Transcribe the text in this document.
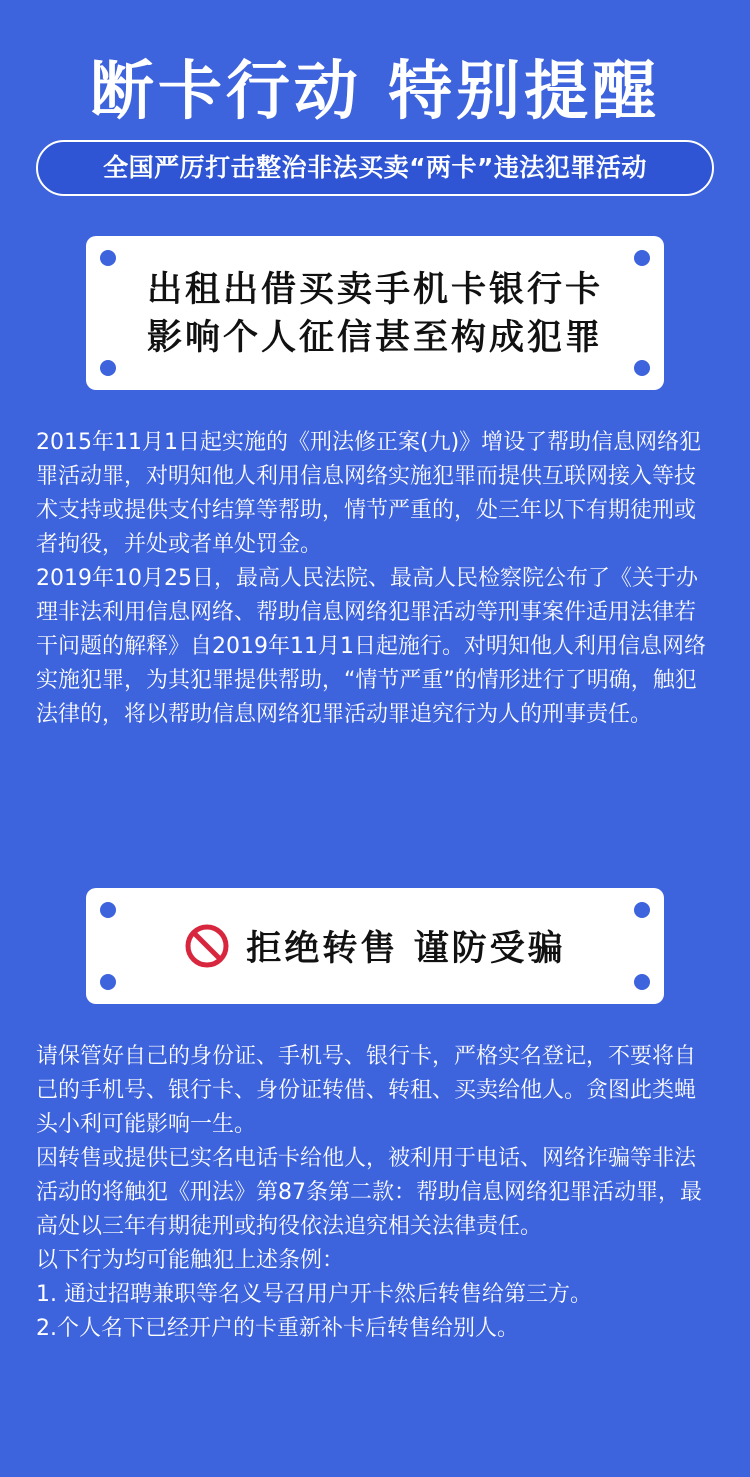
断卡行动 特别提醒
全国严厉打击整治非法买卖“两卡”违法犯罪活动
出租出借买卖手机卡银行卡
影响个人征信甚至构成犯罪

2015年11月1日起实施的《刑法修正案(九)》增设了帮助信息网络犯罪活动罪，对明知他人利用信息网络实施犯罪而提供互联网接入等技术支持或提供支付结算等帮助，情节严重的，处三年以下有期徒刑或者拘役，并处或者单处罚金。

2019年10月25日，最高人民法院、最高人民检察院公布了《关于办理非法利用信息网络、帮助信息网络犯罪活动等刑事案件适用法律若干问题的解释》自2019年11月1日起施行。对明知他人利用信息网络实施犯罪，为其犯罪提供帮助，“情节严重”的情形进行了明确，触犯法律的，将以帮助信息网络犯罪活动罪追究行为人的刑事责任。

拒绝转售 谨防受骗

请保管好自己的身份证、手机号、银行卡，严格实名登记，不要将自己的手机号、银行卡、身份证转借、转租、买卖给他人。贪图此类蝇头小利可能影响一生。

因转售或提供已实名电话卡给他人，被利用于电话、网络诈骗等非法活动的将触犯《刑法》第87条第二款：帮助信息网络犯罪活动罪，最高处以三年有期徒刑或拘役依法追究相关法律责任。

以下行为均可能触犯上述条例：

1. 通过招聘兼职等名义号召用户开卡然后转售给第三方。

2.个人名下已经开户的卡重新补卡后转售给别人。
